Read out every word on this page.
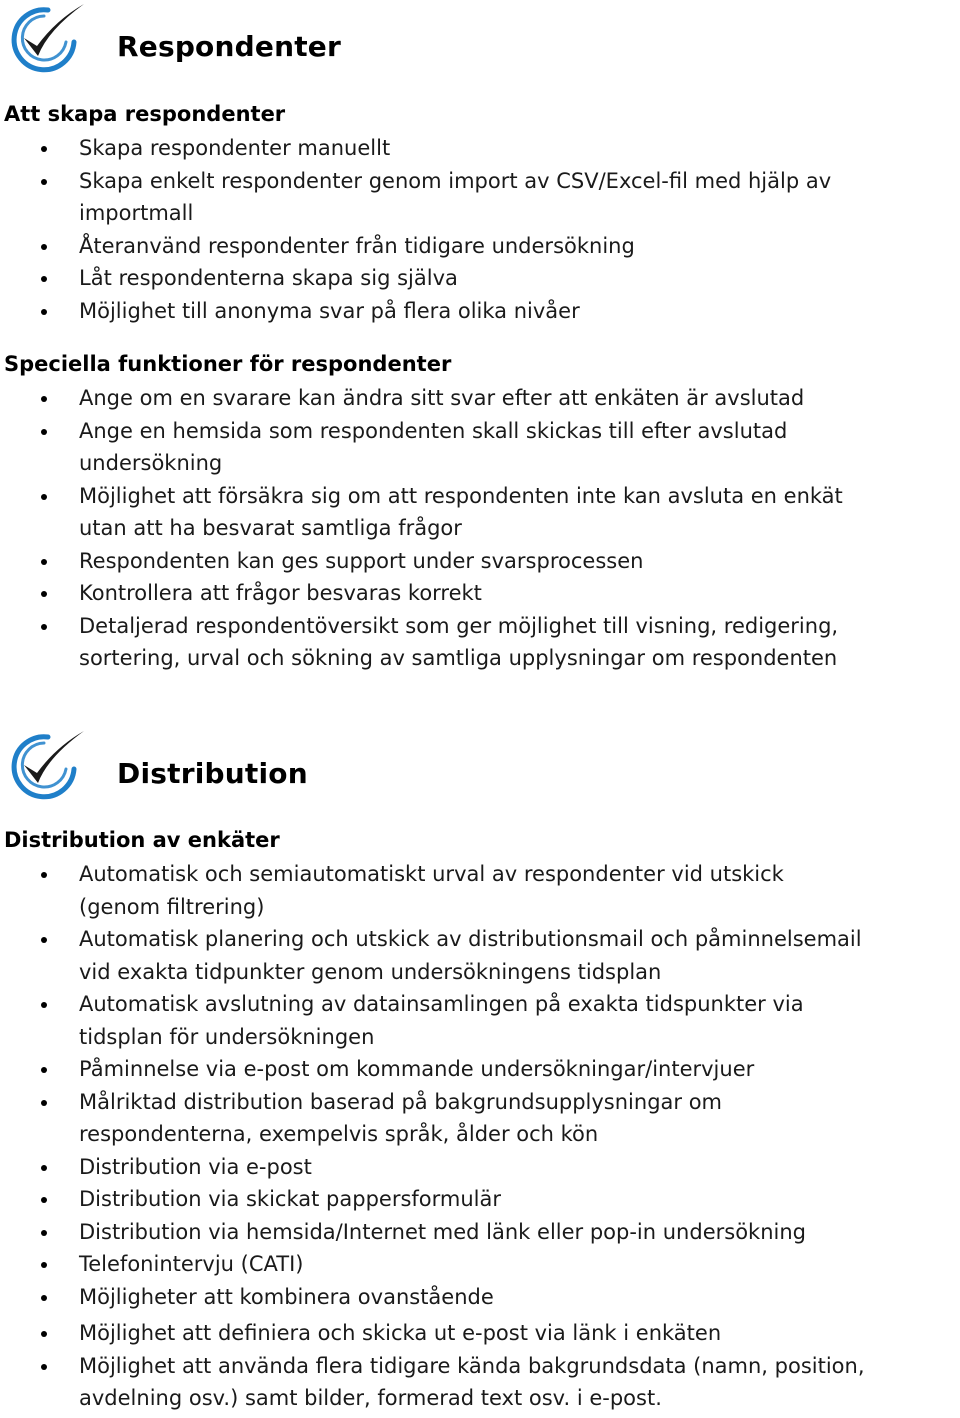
Respondenter
Att skapa respondenter
Skapa respondenter manuellt
Skapa enkelt respondenter genom import av CSV/Excel-fil med hjälp av
importmall
Återanvänd respondenter från tidigare undersökning
Låt respondenterna skapa sig själva
Möjlighet till anonyma svar på flera olika nivåer
Speciella funktioner för respondenter
Ange om en svarare kan ändra sitt svar efter att enkäten är avslutad
Ange en hemsida som respondenten skall skickas till efter avslutad
undersökning
Möjlighet att försäkra sig om att respondenten inte kan avsluta en enkät
utan att ha besvarat samtliga frågor
Respondenten kan ges support under svarsprocessen
Kontrollera att frågor besvaras korrekt
Detaljerad respondentöversikt som ger möjlighet till visning, redigering,
sortering, urval och sökning av samtliga upplysningar om respondenten
Distribution
Distribution av enkäter
Automatisk och semiautomatiskt urval av respondenter vid utskick
(genom filtrering)
Automatisk planering och utskick av distributionsmail och påminnelsemail
vid exakta tidpunkter genom undersökningens tidsplan
Automatisk avslutning av datainsamlingen på exakta tidspunkter via
tidsplan för undersökningen
Påminnelse via e-post om kommande undersökningar/intervjuer
Målriktad distribution baserad på bakgrundsupplysningar om
respondenterna, exempelvis språk, ålder och kön
Distribution via e-post
Distribution via skickat pappersformulär
Distribution via hemsida/Internet med länk eller pop-in undersökning
Telefonintervju (CATI)
Möjligheter att kombinera ovanstående
Möjlighet att definiera och skicka ut e-post via länk i enkäten
Möjlighet att använda flera tidigare kända bakgrundsdata (namn, position,
avdelning osv.) samt bilder, formerad text osv. i e-post.
